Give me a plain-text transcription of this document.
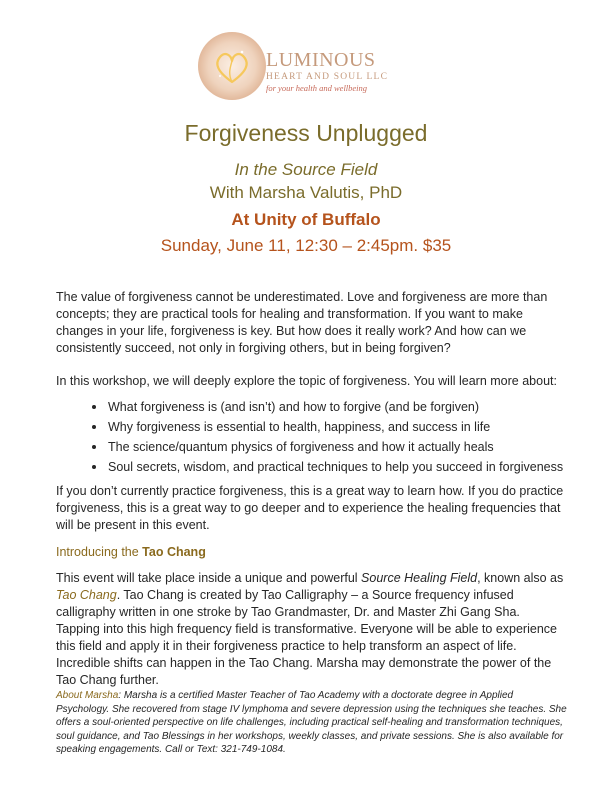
LUMINOUS
HEART AND SOUL LLC
for your health and wellbeing
Forgiveness Unplugged
In the Source Field
With Marsha Valutis, PhD
At Unity of Buffalo
Sunday, June 11, 12:30 – 2:45pm. $35
The value of forgiveness cannot be underestimated. Love and forgiveness are more than concepts; they are practical tools for healing and transformation. If you want to make changes in your life, forgiveness is key. But how does it really work? And how can we consistently succeed, not only in forgiving others, but in being forgiven?
In this workshop, we will deeply explore the topic of forgiveness. You will learn more about:
What forgiveness is (and isn’t) and how to forgive (and be forgiven)
Why forgiveness is essential to health, happiness, and success in life
The science/quantum physics of forgiveness and how it actually heals
Soul secrets, wisdom, and practical techniques to help you succeed in forgiveness
If you don’t currently practice forgiveness, this is a great way to learn how. If you do practice forgiveness, this is a great way to go deeper and to experience the healing frequencies that will be present in this event.
Introducing the Tao Chang
This event will take place inside a unique and powerful Source Healing Field, known also as Tao Chang. Tao Chang is created by Tao Calligraphy – a Source frequency infused calligraphy written in one stroke by Tao Grandmaster, Dr. and Master Zhi Gang Sha. Tapping into this high frequency field is transformative. Everyone will be able to experience this field and apply it in their forgiveness practice to help transform an aspect of life. Incredible shifts can happen in the Tao Chang. Marsha may demonstrate the power of the Tao Chang further.
About Marsha: Marsha is a certified Master Teacher of Tao Academy with a doctorate degree in Applied Psychology. She recovered from stage IV lymphoma and severe depression using the techniques she teaches. She offers a soul-oriented perspective on life challenges, including practical self-healing and transformation techniques, soul guidance, and Tao Blessings in her workshops, weekly classes, and private sessions. She is also available for speaking engagements. Call or Text: 321-749-1084.
